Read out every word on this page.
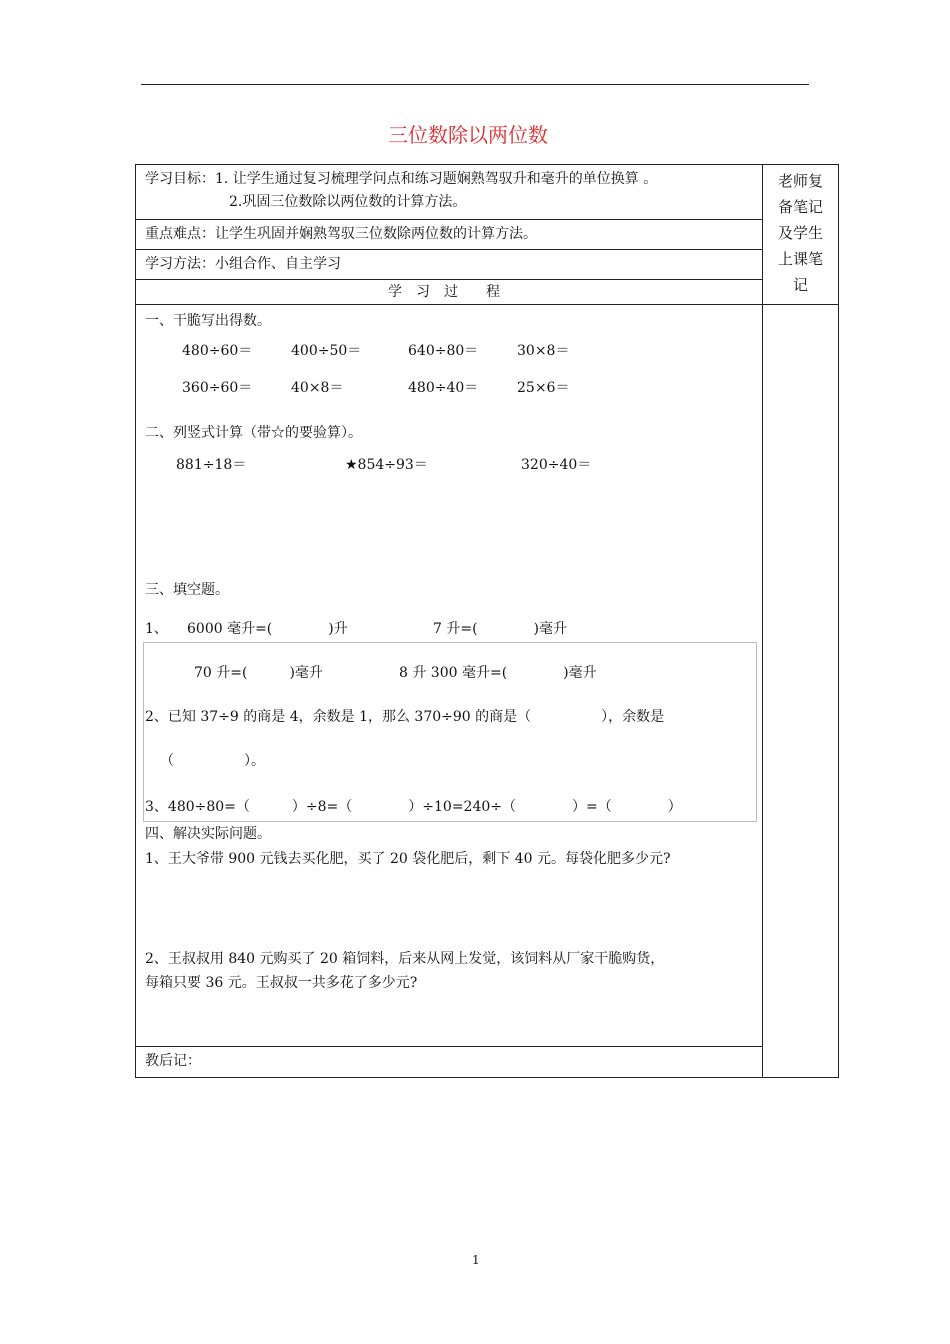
三位数除以两位数
老师复
备笔记
及学生
上课笔
记
学习目标：1. 让学生通过复习梳理学问点和练习题娴熟驾驭升和毫升的单位换算 。
2.巩固三位数除以两位数的计算方法。
重点难点：让学生巩固并娴熟驾驭三位数除两位数的计算方法。
学习方法：小组合作、自主学习
学　习　过　　程
一、干脆写出得数。
480÷60＝	400÷50＝	640÷80＝	30×8＝
360÷60＝	40×8＝	480÷40＝	25×6＝
二、列竖式计算（带☆的要验算）。
881÷18＝	★854÷93＝	320÷40＝
三、填空题。
1、 6000 毫升=(　　　　)升	7 升=(　　　　)毫升
70 升=(　　　)毫升	8 升 300 毫升=(　　　　)毫升
2、已知 37÷9 的商是 4，余数是 1，那么 370÷90 的商是（　　　　　），余数是
（　　　　　）。
3、480÷80=（　　　）÷8=（　　　　）÷10=240÷（　　　　）=（　　　　）
四、解决实际问题。
1、王大爷带 900 元钱去买化肥，买了 20 袋化肥后，剩下 40 元。每袋化肥多少元?
2、王叔叔用 840 元购买了 20 箱饲料，后来从网上发觉，该饲料从厂家干脆购货，
每箱只要 36 元。王叔叔一共多花了多少元?
教后记：
1
